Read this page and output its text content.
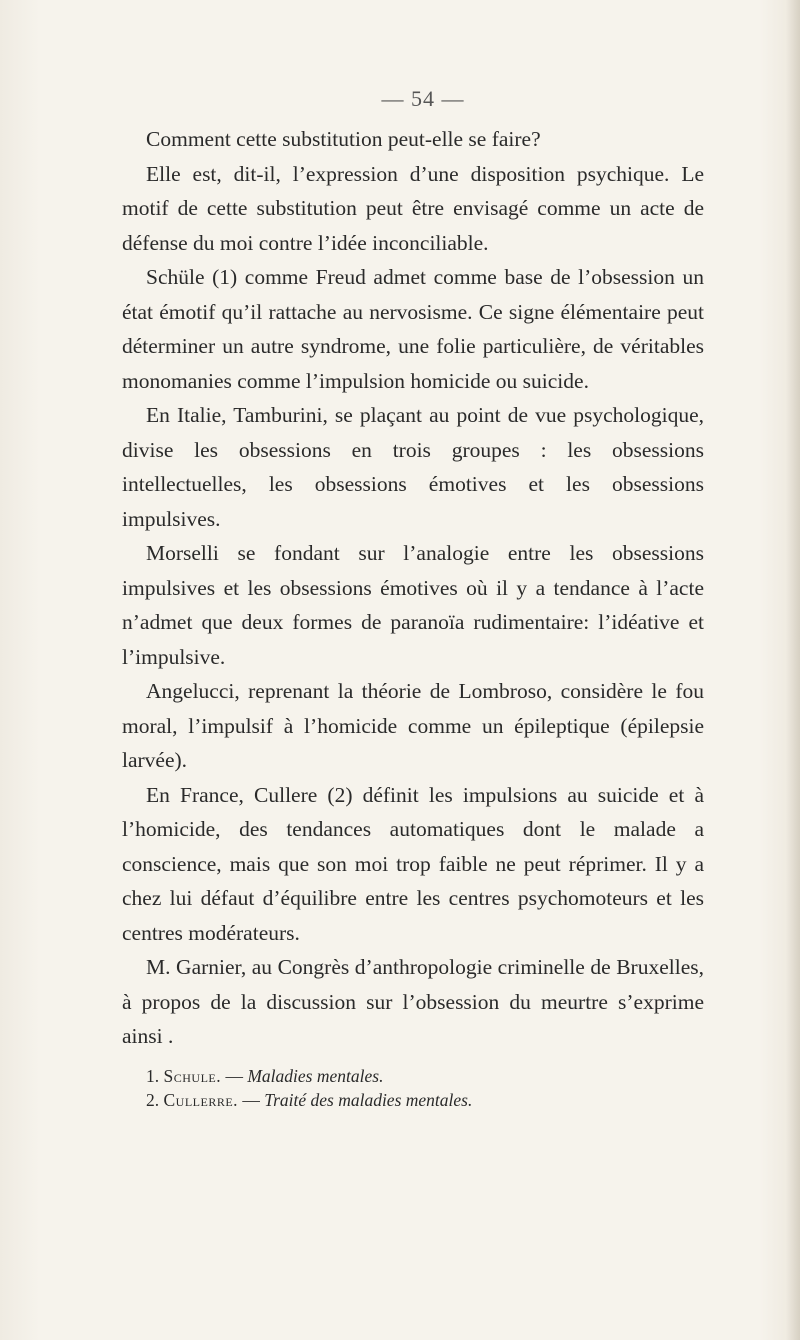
— 54 —

Comment cette substitution peut-elle se faire?

Elle est, dit-il, l’expression d’une disposition psychique. Le motif de cette substitution peut être envisagé comme un acte de défense du moi contre l’idée inconciliable.

Schüle (1) comme Freud admet comme base de l’obsession un état émotif qu’il rattache au nervosisme. Ce signe élémentaire peut déterminer un autre syndrome, une folie particulière, de véritables monomanies comme l’impulsion homicide ou suicide.

En Italie, Tamburini, se plaçant au point de vue psychologique, divise les obsessions en trois groupes : les obsessions intellectuelles, les obsessions émotives et les obsessions impulsives.

Morselli se fondant sur l’analogie entre les obsessions impulsives et les obsessions émotives où il y a tendance à l’acte n’admet que deux formes de paranoïa rudimentaire: l’idéative et l’impulsive.

Angelucci, reprenant la théorie de Lombroso, considère le fou moral, l’impulsif à l’homicide comme un épileptique (épilepsie larvée).

En France, Cullere (2) définit les impulsions au suicide et à l’homicide, des tendances automatiques dont le malade a conscience, mais que son moi trop faible ne peut réprimer. Il y a chez lui défaut d’équilibre entre les centres psychomoteurs et les centres modérateurs.

M. Garnier, au Congrès d’anthropologie criminelle de Bruxelles, à propos de la discussion sur l’obsession du meurtre s’exprime ainsi .

1. Schule. — Maladies mentales.

2. Cullerre. — Traité des maladies mentales.
